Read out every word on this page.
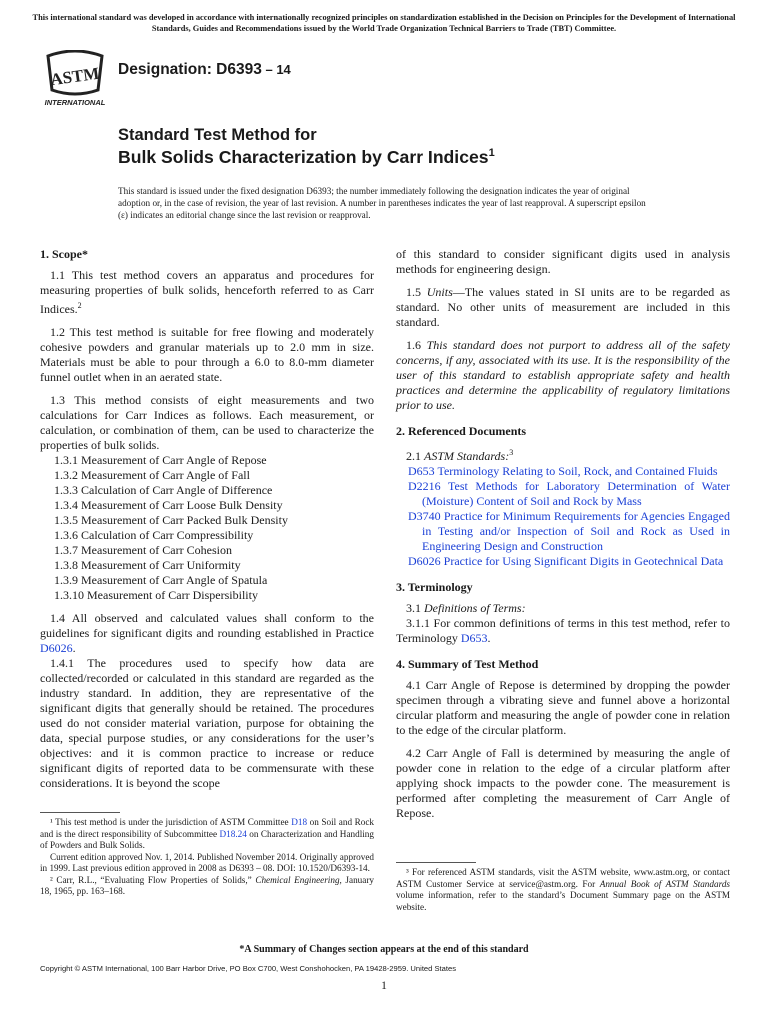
This international standard was developed in accordance with internationally recognized principles on standardization established in the Decision on Principles for the Development of International Standards, Guides and Recommendations issued by the World Trade Organization Technical Barriers to Trade (TBT) Committee.
ASTM
INTERNATIONAL
Designation: D6393 – 14
Standard Test Method for
Bulk Solids Characterization by Carr Indices$^1$
This standard is issued under the fixed designation D6393; the number immediately following the designation indicates the year of original adoption or, in the case of revision, the year of last revision. A number in parentheses indicates the year of last reapproval. A superscript epsilon (ε) indicates an editorial change since the last revision or reapproval.
1. Scope*

1.1 This test method covers an apparatus and procedures for measuring properties of bulk solids, henceforth referred to as Carr Indices.$^2$

1.2 This test method is suitable for free flowing and moderately cohesive powders and granular materials up to 2.0 mm in size. Materials must be able to pour through a 6.0 to 8.0-mm diameter funnel outlet when in an aerated state.

1.3 This method consists of eight measurements and two calculations for Carr Indices as follows. Each measurement, or calculation, or combination of them, can be used to characterize the properties of bulk solids.

1.3.1 Measurement of Carr Angle of Repose

1.3.2 Measurement of Carr Angle of Fall

1.3.3 Calculation of Carr Angle of Difference

1.3.4 Measurement of Carr Loose Bulk Density

1.3.5 Measurement of Carr Packed Bulk Density

1.3.6 Calculation of Carr Compressibility

1.3.7 Measurement of Carr Cohesion

1.3.8 Measurement of Carr Uniformity

1.3.9 Measurement of Carr Angle of Spatula

1.3.10 Measurement of Carr Dispersibility

1.4 All observed and calculated values shall conform to the guidelines for significant digits and rounding established in Practice D6026.

1.4.1 The procedures used to specify how data are collected/recorded or calculated in this standard are regarded as the industry standard. In addition, they are representative of the significant digits that generally should be retained. The procedures used do not consider material variation, purpose for obtaining the data, special purpose studies, or any considerations for the user’s objectives: and it is common practice to increase or reduce significant digits of reported data to be commensurate with these considerations. It is beyond the scope

¹ This test method is under the jurisdiction of ASTM Committee D18 on Soil and Rock and is the direct responsibility of Subcommittee D18.24 on Characterization and Handling of Powders and Bulk Solids.

Current edition approved Nov. 1, 2014. Published November 2014. Originally approved in 1999. Last previous edition approved in 2008 as D6393 – 08. DOI: 10.1520/D6393-14.

² Carr, R.L., “Evaluating Flow Properties of Solids,” Chemical Engineering, January 18, 1965, pp. 163–168.

of this standard to consider significant digits used in analysis methods for engineering design.

1.5 Units—The values stated in SI units are to be regarded as standard. No other units of measurement are included in this standard.

1.6 This standard does not purport to address all of the safety concerns, if any, associated with its use. It is the responsibility of the user of this standard to establish appropriate safety and health practices and determine the applicability of regulatory limitations prior to use.

2. Referenced Documents

2.1 ASTM Standards:$^3$

D653 Terminology Relating to Soil, Rock, and Contained Fluids

D2216 Test Methods for Laboratory Determination of Water (Moisture) Content of Soil and Rock by Mass

D3740 Practice for Minimum Requirements for Agencies Engaged in Testing and/or Inspection of Soil and Rock as Used in Engineering Design and Construction

D6026 Practice for Using Significant Digits in Geotechnical Data

3. Terminology

3.1 Definitions of Terms:

3.1.1 For common definitions of terms in this test method, refer to Terminology D653.

4. Summary of Test Method

4.1 Carr Angle of Repose is determined by dropping the powder specimen through a vibrating sieve and funnel above a horizontal circular platform and measuring the angle of powder cone in relation to the edge of the circular platform.

4.2 Carr Angle of Fall is determined by measuring the angle of powder cone in relation to the edge of a circular platform after applying shock impacts to the powder cone. The measurement is performed after completing the measurement of Carr Angle of Repose.

³ For referenced ASTM standards, visit the ASTM website, www.astm.org, or contact ASTM Customer Service at service@astm.org. For Annual Book of ASTM Standards volume information, refer to the standard’s Document Summary page on the ASTM website.

*A Summary of Changes section appears at the end of this standard
Copyright © ASTM International, 100 Barr Harbor Drive, PO Box C700, West Conshohocken, PA 19428-2959. United States
1
